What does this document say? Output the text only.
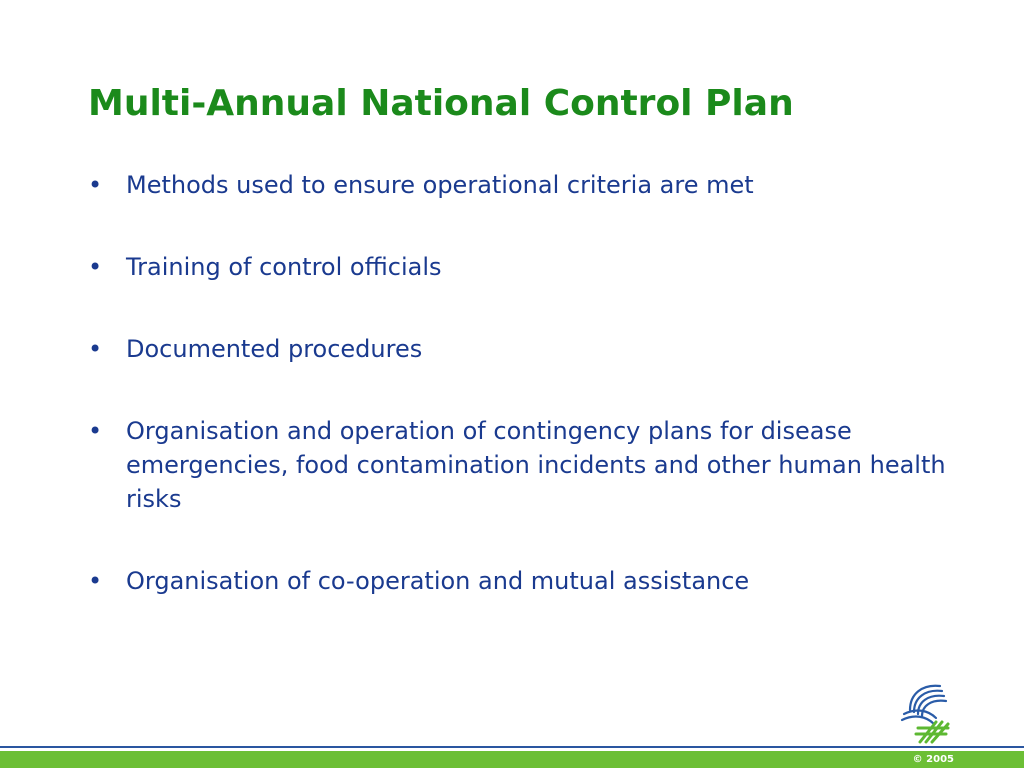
Multi-Annual National Control Plan
• Methods used to ensure operational criteria are met
• Training of control officials
• Documented procedures
• Organisation and operation of contingency plans for disease emergencies, food contamination incidents and other human health risks
• Organisation of co-operation and mutual assistance
© 2005
